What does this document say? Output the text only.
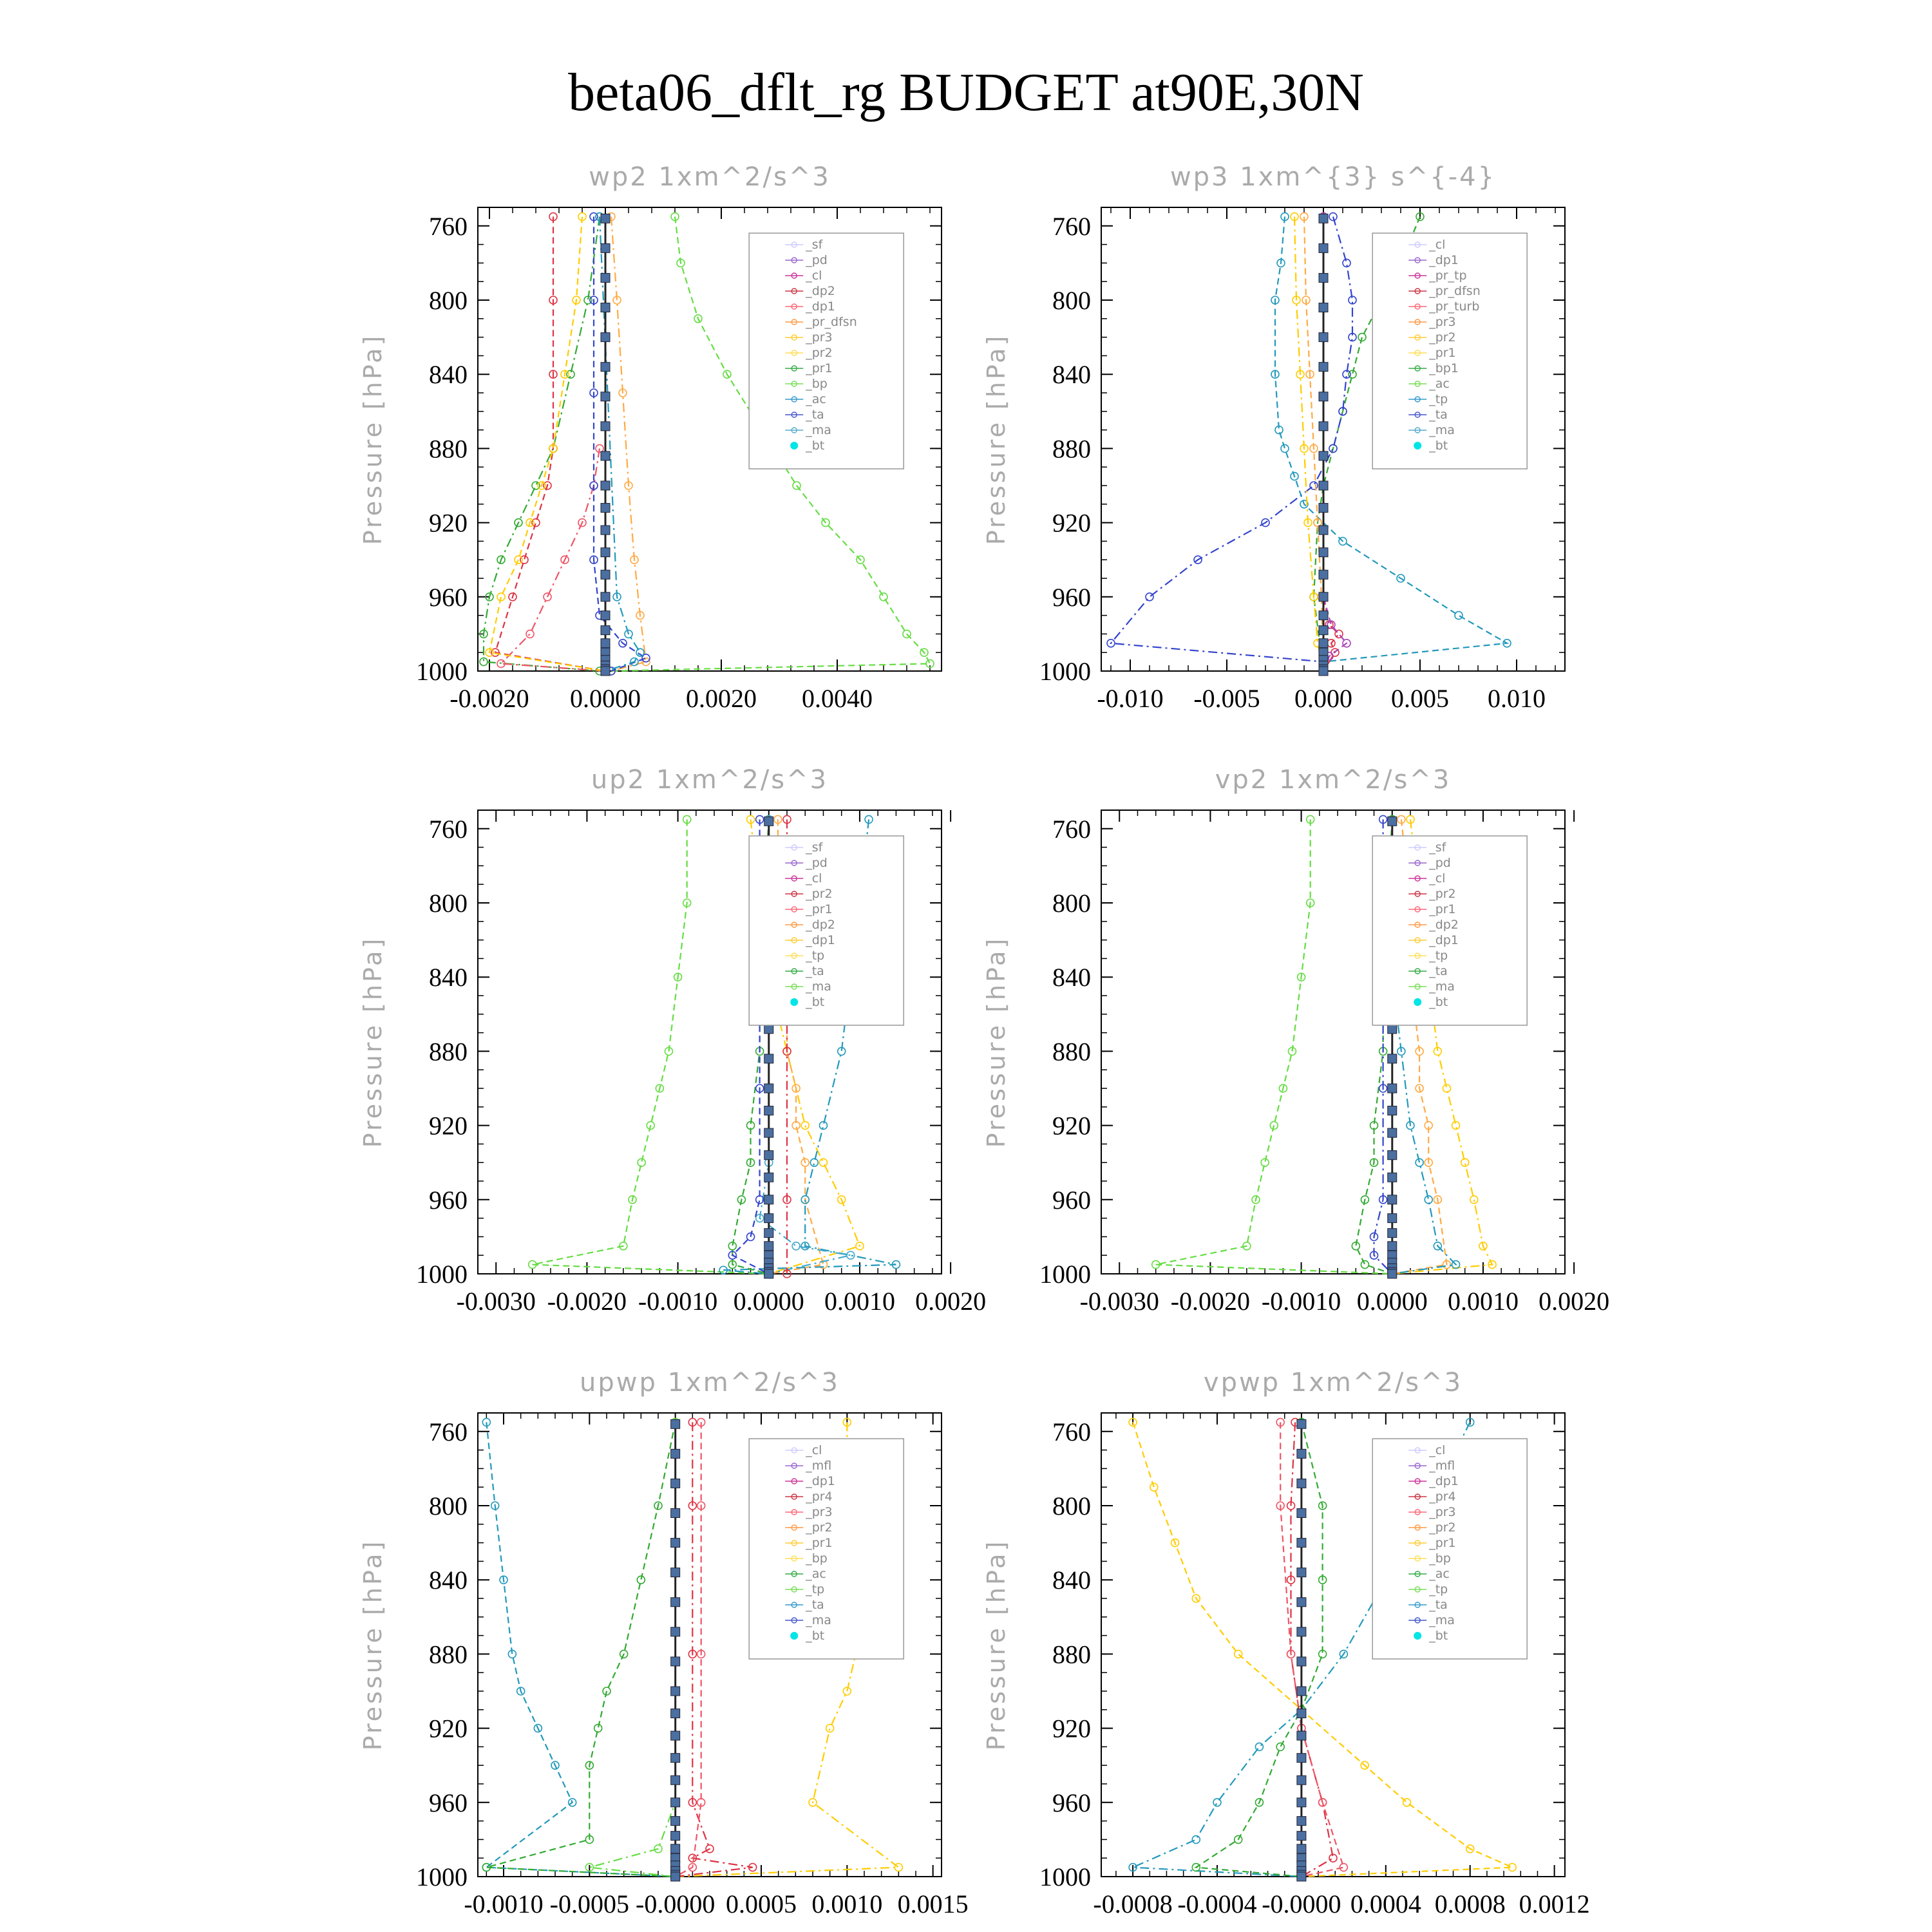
beta06_dflt_rg BUDGET at90E,30N
-0.0020 0.0000 0.0020 0.0040
760
800
840
880
920
960
1000
wp2 1xm^2/s^3
Pressure [hPa]
_sf
_pd
_cl
_dp2
_dp1
_pr_dfsn
_pr3
_pr2
_pr1
_bp
_ac
_ta
_ma
_bt
-0.010 -0.005 0.000 0.005 0.010
760
800
840
880
920
960
1000
wp3 1xm^{3} s^{-4}
Pressure [hPa]
_cl
_dp1
_pr_tp
_pr_dfsn
_pr_turb
_pr3
_pr2
_pr1
_bp1
_ac
_tp
_ta
_ma
_bt
-0.0030 -0.0020 -0.0010 0.0000 0.0010 0.0020
760
800
840
880
920
960
1000
up2 1xm^2/s^3
Pressure [hPa]
_sf
_pd
_cl
_pr2
_pr1
_dp2
_dp1
_tp
_ta
_ma
_bt
-0.0030 -0.0020 -0.0010 0.0000 0.0010 0.0020
760
800
840
880
920
960
1000
vp2 1xm^2/s^3
Pressure [hPa]
_sf
_pd
_cl
_pr2
_pr1
_dp2
_dp1
_tp
_ta
_ma
_bt
-0.0010 -0.0005 -0.0000 0.0005 0.0010 0.0015
760
800
840
880
920
960
1000
upwp 1xm^2/s^3
Pressure [hPa]
_cl
_mfl
_dp1
_pr4
_pr3
_pr2
_pr1
_bp
_ac
_tp
_ta
_ma
_bt
-0.0008 -0.0004 -0.0000 0.0004 0.0008 0.0012
760
800
840
880
920
960
1000
vpwp 1xm^2/s^3
Pressure [hPa]
_cl
_mfl
_dp1
_pr4
_pr3
_pr2
_pr1
_bp
_ac
_tp
_ta
_ma
_bt
